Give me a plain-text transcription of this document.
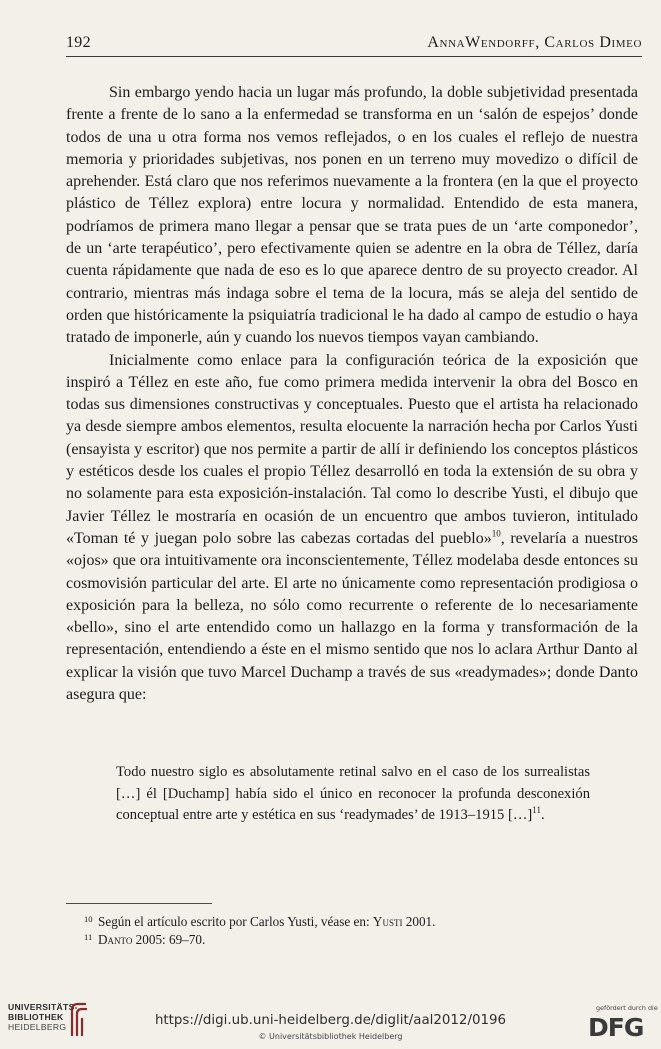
192	AnnaWendorff, Carlos Dimeo

Sin embargo yendo hacia un lugar más profundo, la doble subjetividad presentada frente a frente de lo sano a la enfermedad se transforma en un ‘salón de espejos’ donde todos de una u otra forma nos vemos reflejados, o en los cuales el reflejo de nuestra memoria y prioridades subjetivas, nos ponen en un terreno muy movedizo o difícil de aprehender. Está claro que nos referimos nuevamente a la frontera (en la que el proyecto plástico de Téllez explora) entre locura y normalidad. Entendido de esta manera, podríamos de primera mano llegar a pensar que se trata pues de un ‘arte componedor’, de un ‘arte terapéutico’, pero efectivamente quien se adentre en la obra de Téllez, daría cuenta rápidamente que nada de eso es lo que aparece dentro de su proyecto creador. Al contrario, mientras más indaga sobre el tema de la locura, más se aleja del sentido de orden que históricamente la psiquiatría tradicional le ha dado al campo de estudio o haya tratado de imponerle, aún y cuando los nuevos tiempos vayan cambiando.

Inicialmente como enlace para la configuración teórica de la exposición que inspiró a Téllez en este año, fue como primera medida intervenir la obra del Bosco en todas sus dimensiones constructivas y conceptuales. Puesto que el artista ha relacionado ya desde siempre ambos elementos, resulta elocuente la narración hecha por Carlos Yusti (ensayista y escritor) que nos permite a partir de allí ir definiendo los conceptos plásticos y estéticos desde los cuales el propio Téllez desarrolló en toda la extensión de su obra y no solamente para esta exposición-instalación. Tal como lo describe Yusti, el dibujo que Javier Téllez le mostraría en ocasión de un encuentro que ambos tuvieron, intitulado «Toman té y juegan polo sobre las cabezas cortadas del pueblo»$^{10}$, revelaría a nuestros «ojos» que ora intuitivamente ora inconscientemente, Téllez modelaba desde entonces su cosmovisión particular del arte. El arte no únicamente como representación prodigiosa o exposición para la belleza, no sólo como recurrente o referente de lo necesariamente «bello», sino el arte entendido como un hallazgo en la forma y transformación de la representación, entendiendo a éste en el mismo sentido que nos lo aclara Arthur Danto al explicar la visión que tuvo Marcel Duchamp a través de sus «readymades»; donde Danto asegura que:

Todo nuestro siglo es absolutamente retinal salvo en el caso de los surrealistas […] él [Duchamp] había sido el único en reconocer la profunda desconexión conceptual entre arte y estética en sus ‘readymades’ de 1913–1915 […]$^{11}$.

10 Según el artículo escrito por Carlos Yusti, véase en: Yusti 2001.
11 Danto 2005: 69–70.
UNIVERSITÄTS-
BIBLIOTHEK
HEIDELBERG	https://digi.ub.uni-heidelberg.de/diglit/aal2012/0196
© Universitätsbibliothek Heidelberg
gefördert durch die
DFG
